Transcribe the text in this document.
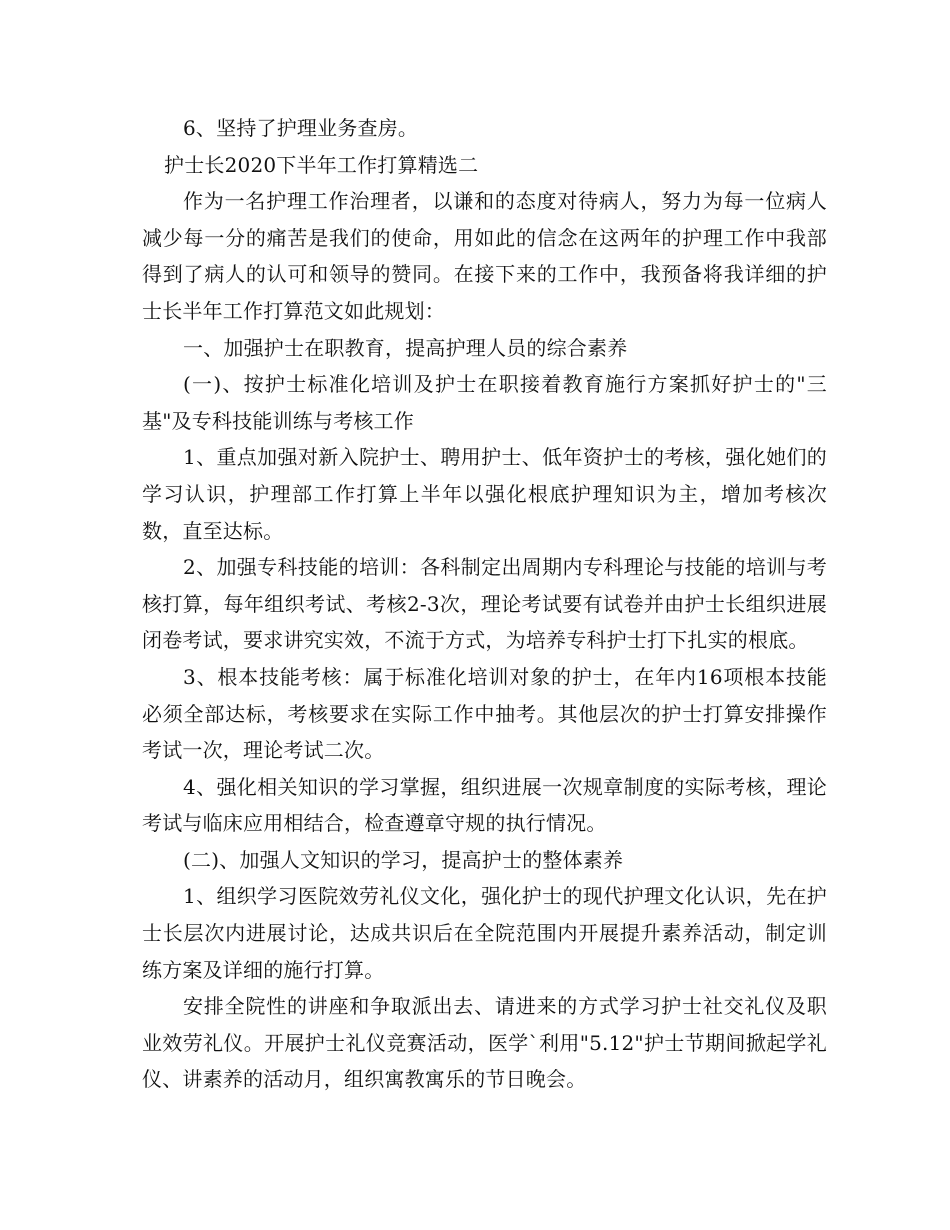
6、坚持了护理业务查房。

护士长2020下半年工作打算精选二

作为一名护理工作治理者，以谦和的态度对待病人，努力为每一位病人减少每一分的痛苦是我们的使命，用如此的信念在这两年的护理工作中我部得到了病人的认可和领导的赞同。在接下来的工作中，我预备将我详细的护士长半年工作打算范文如此规划：

一、加强护士在职教育，提高护理人员的综合素养

(一)、按护士标准化培训及护士在职接着教育施行方案抓好护士的"三基"及专科技能训练与考核工作

1、重点加强对新入院护士、聘用护士、低年资护士的考核，强化她们的学习认识，护理部工作打算上半年以强化根底护理知识为主，增加考核次数，直至达标。

2、加强专科技能的培训：各科制定出周期内专科理论与技能的培训与考核打算，每年组织考试、考核2-3次，理论考试要有试卷并由护士长组织进展闭卷考试，要求讲究实效，不流于方式，为培养专科护士打下扎实的根底。

3、根本技能考核：属于标准化培训对象的护士，在年内16项根本技能必须全部达标，考核要求在实际工作中抽考。其他层次的护士打算安排操作考试一次，理论考试二次。

4、强化相关知识的学习掌握，组织进展一次规章制度的实际考核，理论考试与临床应用相结合，检查遵章守规的执行情况。

(二)、加强人文知识的学习，提高护士的整体素养

1、组织学习医院效劳礼仪文化，强化护士的现代护理文化认识，先在护士长层次内进展讨论，达成共识后在全院范围内开展提升素养活动，制定训练方案及详细的施行打算。

安排全院性的讲座和争取派出去、请进来的方式学习护士社交礼仪及职业效劳礼仪。开展护士礼仪竞赛活动，医学`利用"5.12"护士节期间掀起学礼仪、讲素养的活动月，组织寓教寓乐的节日晚会。
